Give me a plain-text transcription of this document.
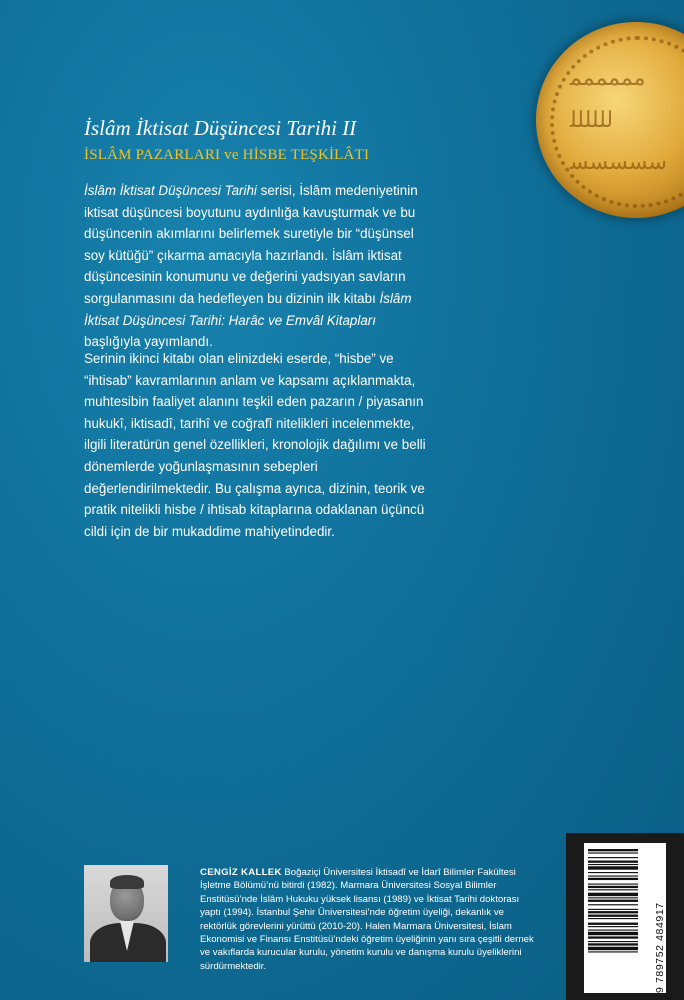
ﻣﻤﻤﻤﻤﻤ
ﻟﻠﻠﻠﻠﻠ
ﺳﺴﺴﺴﺴ
İslâm İktisat Düşüncesi Tarihi II
İSLÂM PAZARLARI ve HİSBE TEŞKİLÂTI

İslâm İktisat Düşüncesi Tarihi serisi, İslâm medeniyetinin iktisat düşüncesi boyutunu aydınlığa kavuşturmak ve bu düşüncenin akımlarını belirlemek suretiyle bir “düşünsel soy kütüğü” çıkarma amacıyla hazırlandı. İslâm iktisat düşüncesinin konumunu ve değerini yadsıyan savların sorgulanmasını da hedefleyen bu dizinin ilk kitabı İslâm İktisat Düşüncesi Tarihi: Harâc ve Emvâl Kitapları başlığıyla yayımlandı.

Serinin ikinci kitabı olan elinizdeki eserde, “hisbe” ve “ihtisab” kavramlarının anlam ve kapsamı açıklanmakta, muhtesibin faaliyet alanını teşkil eden pazarın / piyasanın hukukî, iktisadî, tarihî ve coğrafî nitelikleri incelenmekte, ilgili literatürün genel özellikleri, kronolojik dağılımı ve belli dönemlerde yoğunlaşmasının sebepleri değerlendirilmektedir. Bu çalışma ayrıca, dizinin, teorik ve pratik nitelikli hisbe / ihtisab kitaplarına odaklanan üçüncü cildi için de bir mukaddime mahiyetindedir.

CENGİZ KALLEK Boğaziçi Üniversitesi İktisadî ve İdarî Bilimler Fakültesi İşletme Bölümü’nü bitirdi (1982). Marmara Üniversitesi Sosyal Bilimler Enstitüsü’nde İslâm Hukuku yüksek lisansı (1989) ve İktisat Tarihi doktorası yaptı (1994). İstanbul Şehir Üniversitesi’nde öğretim üyeliği, dekanlık ve rektörlük görevlerini yürüttü (2010-20). Halen Marmara Üniversitesi, İslam Ekonomisi ve Finansı Enstitüsü’ndeki öğretim üyeliğinin yanı sıra çeşitli dernek ve vakıflarda kurucular kurulu, yönetim kurulu ve danışma kurulu üyeliklerini sürdürmektedir.	9 789752 484917
